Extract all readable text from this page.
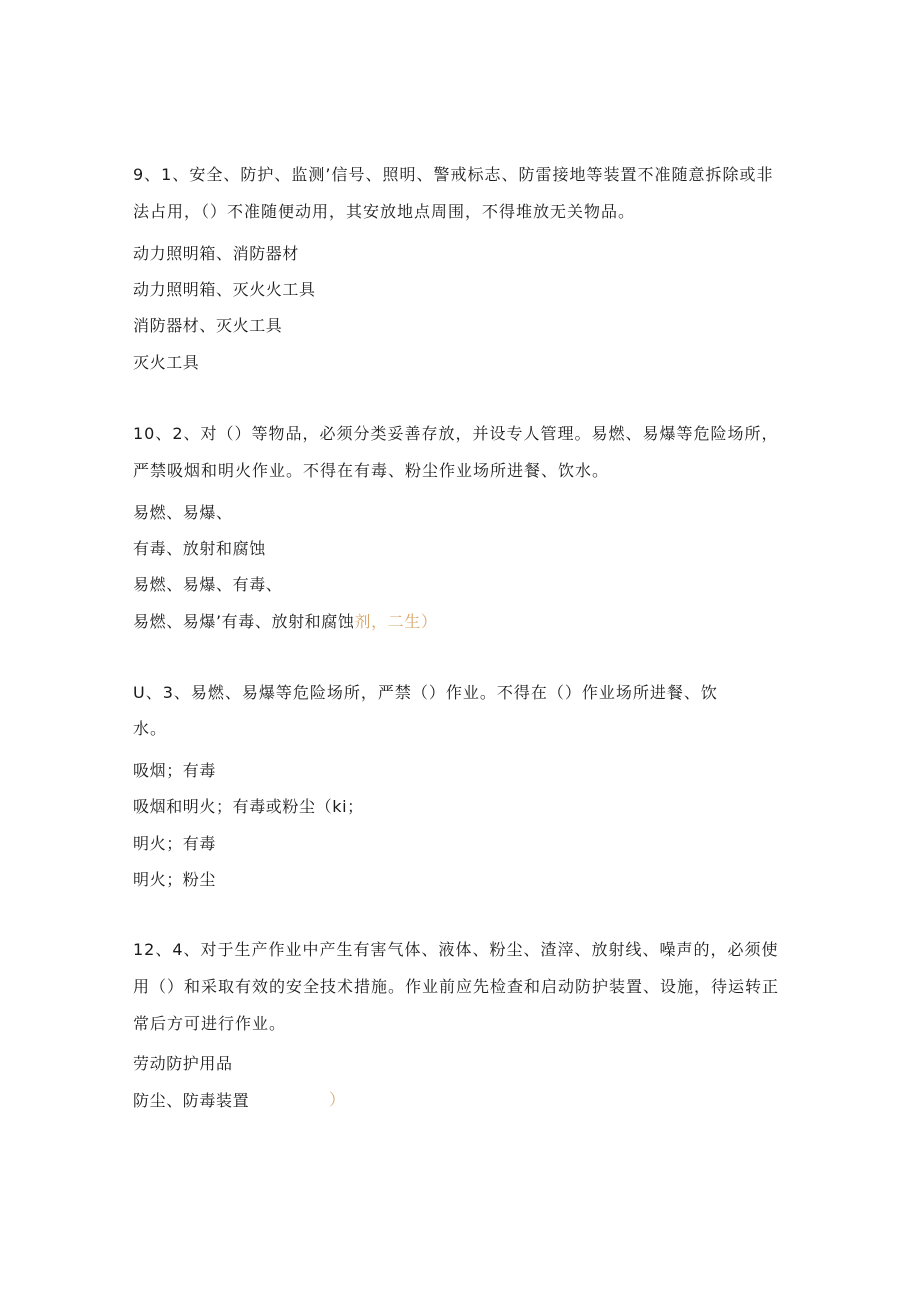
9、1、安全、防护、监测’信号、照明、警戒标志、防雷接地等装置不准随意拆除或非
法占用，（）不准随便动用，其安放地点周围，不得堆放无关物品。
动力照明箱、消防器材
动力照明箱、灭火火工具
消防器材、灭火工具
灭火工具
10、2、对（）等物品，必须分类妥善存放，并设专人管理。易燃、易爆等危险场所，
严禁吸烟和明火作业。不得在有毒、粉尘作业场所进餐、饮水。
易燃、易爆、
有毒、放射和腐蚀
易燃、易爆、有毒、
易燃、易爆’有毒、放射和腐蚀剂，二生）
U、3、易燃、易爆等危险场所，严禁（）作业。不得在（）作业场所进餐、饮
水。
吸烟；有毒
吸烟和明火；有毒或粉尘（ki；
明火；有毒
明火；粉尘
12、4、对于生产作业中产生有害气体、液体、粉尘、渣滓、放射线、噪声的，必须使
用（）和采取有效的安全技术措施。作业前应先检查和启动防护装置、设施，待运转正
常后方可进行作业。
劳动防护用品
防尘、防毒装置	）
